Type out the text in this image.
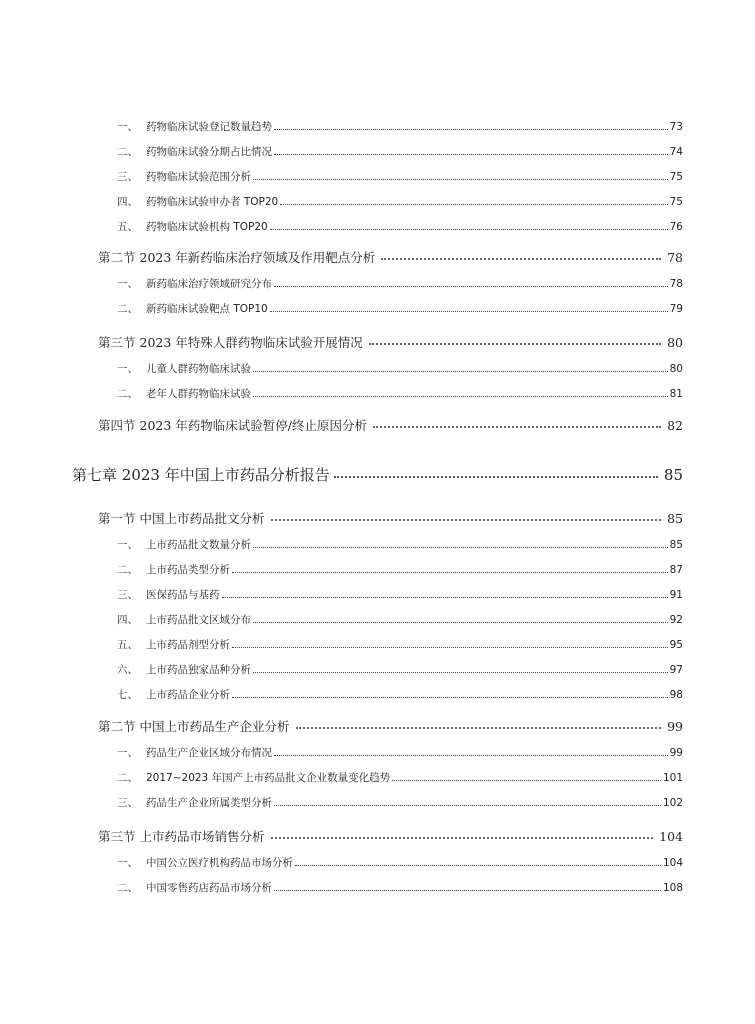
一、 药物临床试验登记数量趋势	73
二、 药物临床试验分期占比情况	74
三、 药物临床试验范围分析	75
四、 药物临床试验申办者 TOP20	75
五、 药物临床试验机构 TOP20	76
第二节 2023 年新药临床治疗领域及作用靶点分析	78
一、 新药临床治疗领域研究分布	78
二、 新药临床试验靶点 TOP10	79
第三节 2023 年特殊人群药物临床试验开展情况	80
一、 儿童人群药物临床试验	80
二、 老年人群药物临床试验	81
第四节 2023 年药物临床试验暂停/终止原因分析	82
第七章 2023 年中国上市药品分析报告	85
第一节 中国上市药品批文分析	85
一、 上市药品批文数量分析	85
二、 上市药品类型分析	87
三、 医保药品与基药	91
四、 上市药品批文区域分布	92
五、 上市药品剂型分析	95
六、 上市药品独家品种分析	97
七、 上市药品企业分析	98
第二节 中国上市药品生产企业分析	99
一、 药品生产企业区域分布情况	99
二、 2017~2023 年国产上市药品批文企业数量变化趋势	101
三、 药品生产企业所属类型分析	102
第三节 上市药品市场销售分析	104
一、 中国公立医疗机构药品市场分析	104
二、 中国零售药店药品市场分析	108
